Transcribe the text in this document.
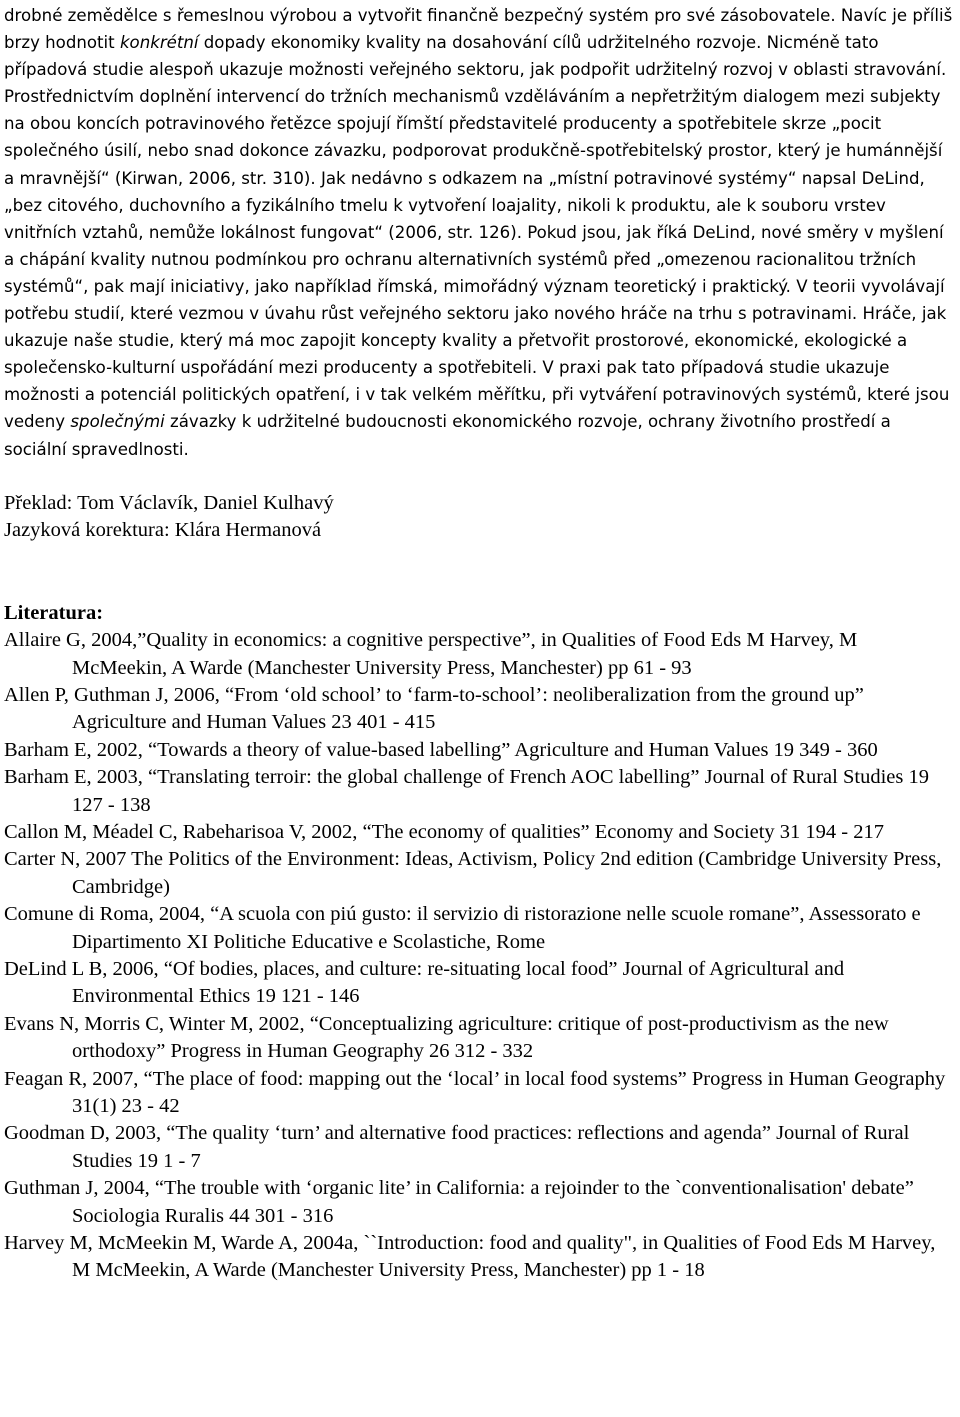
drobné zemědělce s řemeslnou výrobou a vytvořit finančně bezpečný systém pro své zásobovatele. Navíc je příliš brzy hodnotit konkrétní dopady ekonomiky kvality na dosahování cílů udržitelného rozvoje. Nicméně tato případová studie alespoň ukazuje možnosti veřejného sektoru, jak podpořit udržitelný rozvoj v oblasti stravování. Prostřednictvím doplnění intervencí do tržních mechanismů vzděláváním a nepřetržitým dialogem mezi subjekty na obou koncích potravinového řetězce spojují římští představitelé producenty a spotřebitele skrze „pocit společného úsilí, nebo snad dokonce závazku, podporovat produkčně-spotřebitelský prostor, který je humánnější a mravnější“ (Kirwan, 2006, str. 310). Jak nedávno s odkazem na „místní potravinové systémy“ napsal DeLind, „bez citového, duchovního a fyzikálního tmelu k vytvoření loajality, nikoli k produktu, ale k souboru vrstev vnitřních vztahů, nemůže lokálnost fungovat“ (2006, str. 126). Pokud jsou, jak říká DeLind, nové směry v myšlení a chápání kvality nutnou podmínkou pro ochranu alternativních systémů před „omezenou racionalitou tržních systémů“, pak mají iniciativy, jako například římská, mimořádný význam teoretický i praktický. V teorii vyvolávají potřebu studií, které vezmou v úvahu růst veřejného sektoru jako nového hráče na trhu s potravinami. Hráče, jak ukazuje naše studie, který má moc zapojit koncepty kvality a přetvořit prostorové, ekonomické, ekologické a společensko-kulturní uspořádání mezi producenty a spotřebiteli. V praxi pak tato případová studie ukazuje možnosti a potenciál politických opatření, i v tak velkém měřítku, při vytváření potravinových systémů, které jsou vedeny společnými závazky k udržitelné budoucnosti ekonomického rozvoje, ochrany životního prostředí a sociální spravedlnosti.

Překlad: Tom Václavík, Daniel Kulhavý
Jazyková korektura: Klára Hermanová
Literatura:
Allaire G, 2004,”Quality in economics: a cognitive perspective”, in Qualities of Food Eds M Harvey, M McMeekin, A Warde (Manchester University Press, Manchester) pp 61 - 93
Allen P, Guthman J, 2006, “From ‘old school’ to ‘farm-to-school’: neoliberalization from the ground up” Agriculture and Human Values 23 401 - 415
Barham E, 2002, “Towards a theory of value-based labelling” Agriculture and Human Values 19 349 - 360
Barham E, 2003, “Translating terroir: the global challenge of French AOC labelling” Journal of Rural Studies 19 127 - 138
Callon M, Méadel C, Rabeharisoa V, 2002, “The economy of qualities” Economy and Society 31 194 - 217
Carter N, 2007 The Politics of the Environment: Ideas, Activism, Policy 2nd edition (Cambridge University Press, Cambridge)
Comune di Roma, 2004, “A scuola con piú gusto: il servizio di ristorazione nelle scuole romane”, Assessorato e Dipartimento XI Politiche Educative e Scolastiche, Rome
DeLind L B, 2006, “Of bodies, places, and culture: re-situating local food” Journal of Agricultural and Environmental Ethics 19 121 - 146
Evans N, Morris C, Winter M, 2002, “Conceptualizing agriculture: critique of post-productivism as the new orthodoxy” Progress in Human Geography 26 312 - 332
Feagan R, 2007, “The place of food: mapping out the ‘local’ in local food systems” Progress in Human Geography 31(1) 23 - 42
Goodman D, 2003, “The quality ‘turn’ and alternative food practices: reflections and agenda” Journal of Rural Studies 19 1 - 7
Guthman J, 2004, “The trouble with ‘organic lite’ in California: a rejoinder to the `conventionalisation' debate” Sociologia Ruralis 44 301 - 316
Harvey M, McMeekin M, Warde A, 2004a, ``Introduction: food and quality", in Qualities of Food Eds M Harvey, M McMeekin, A Warde (Manchester University Press, Manchester) pp 1 - 18
